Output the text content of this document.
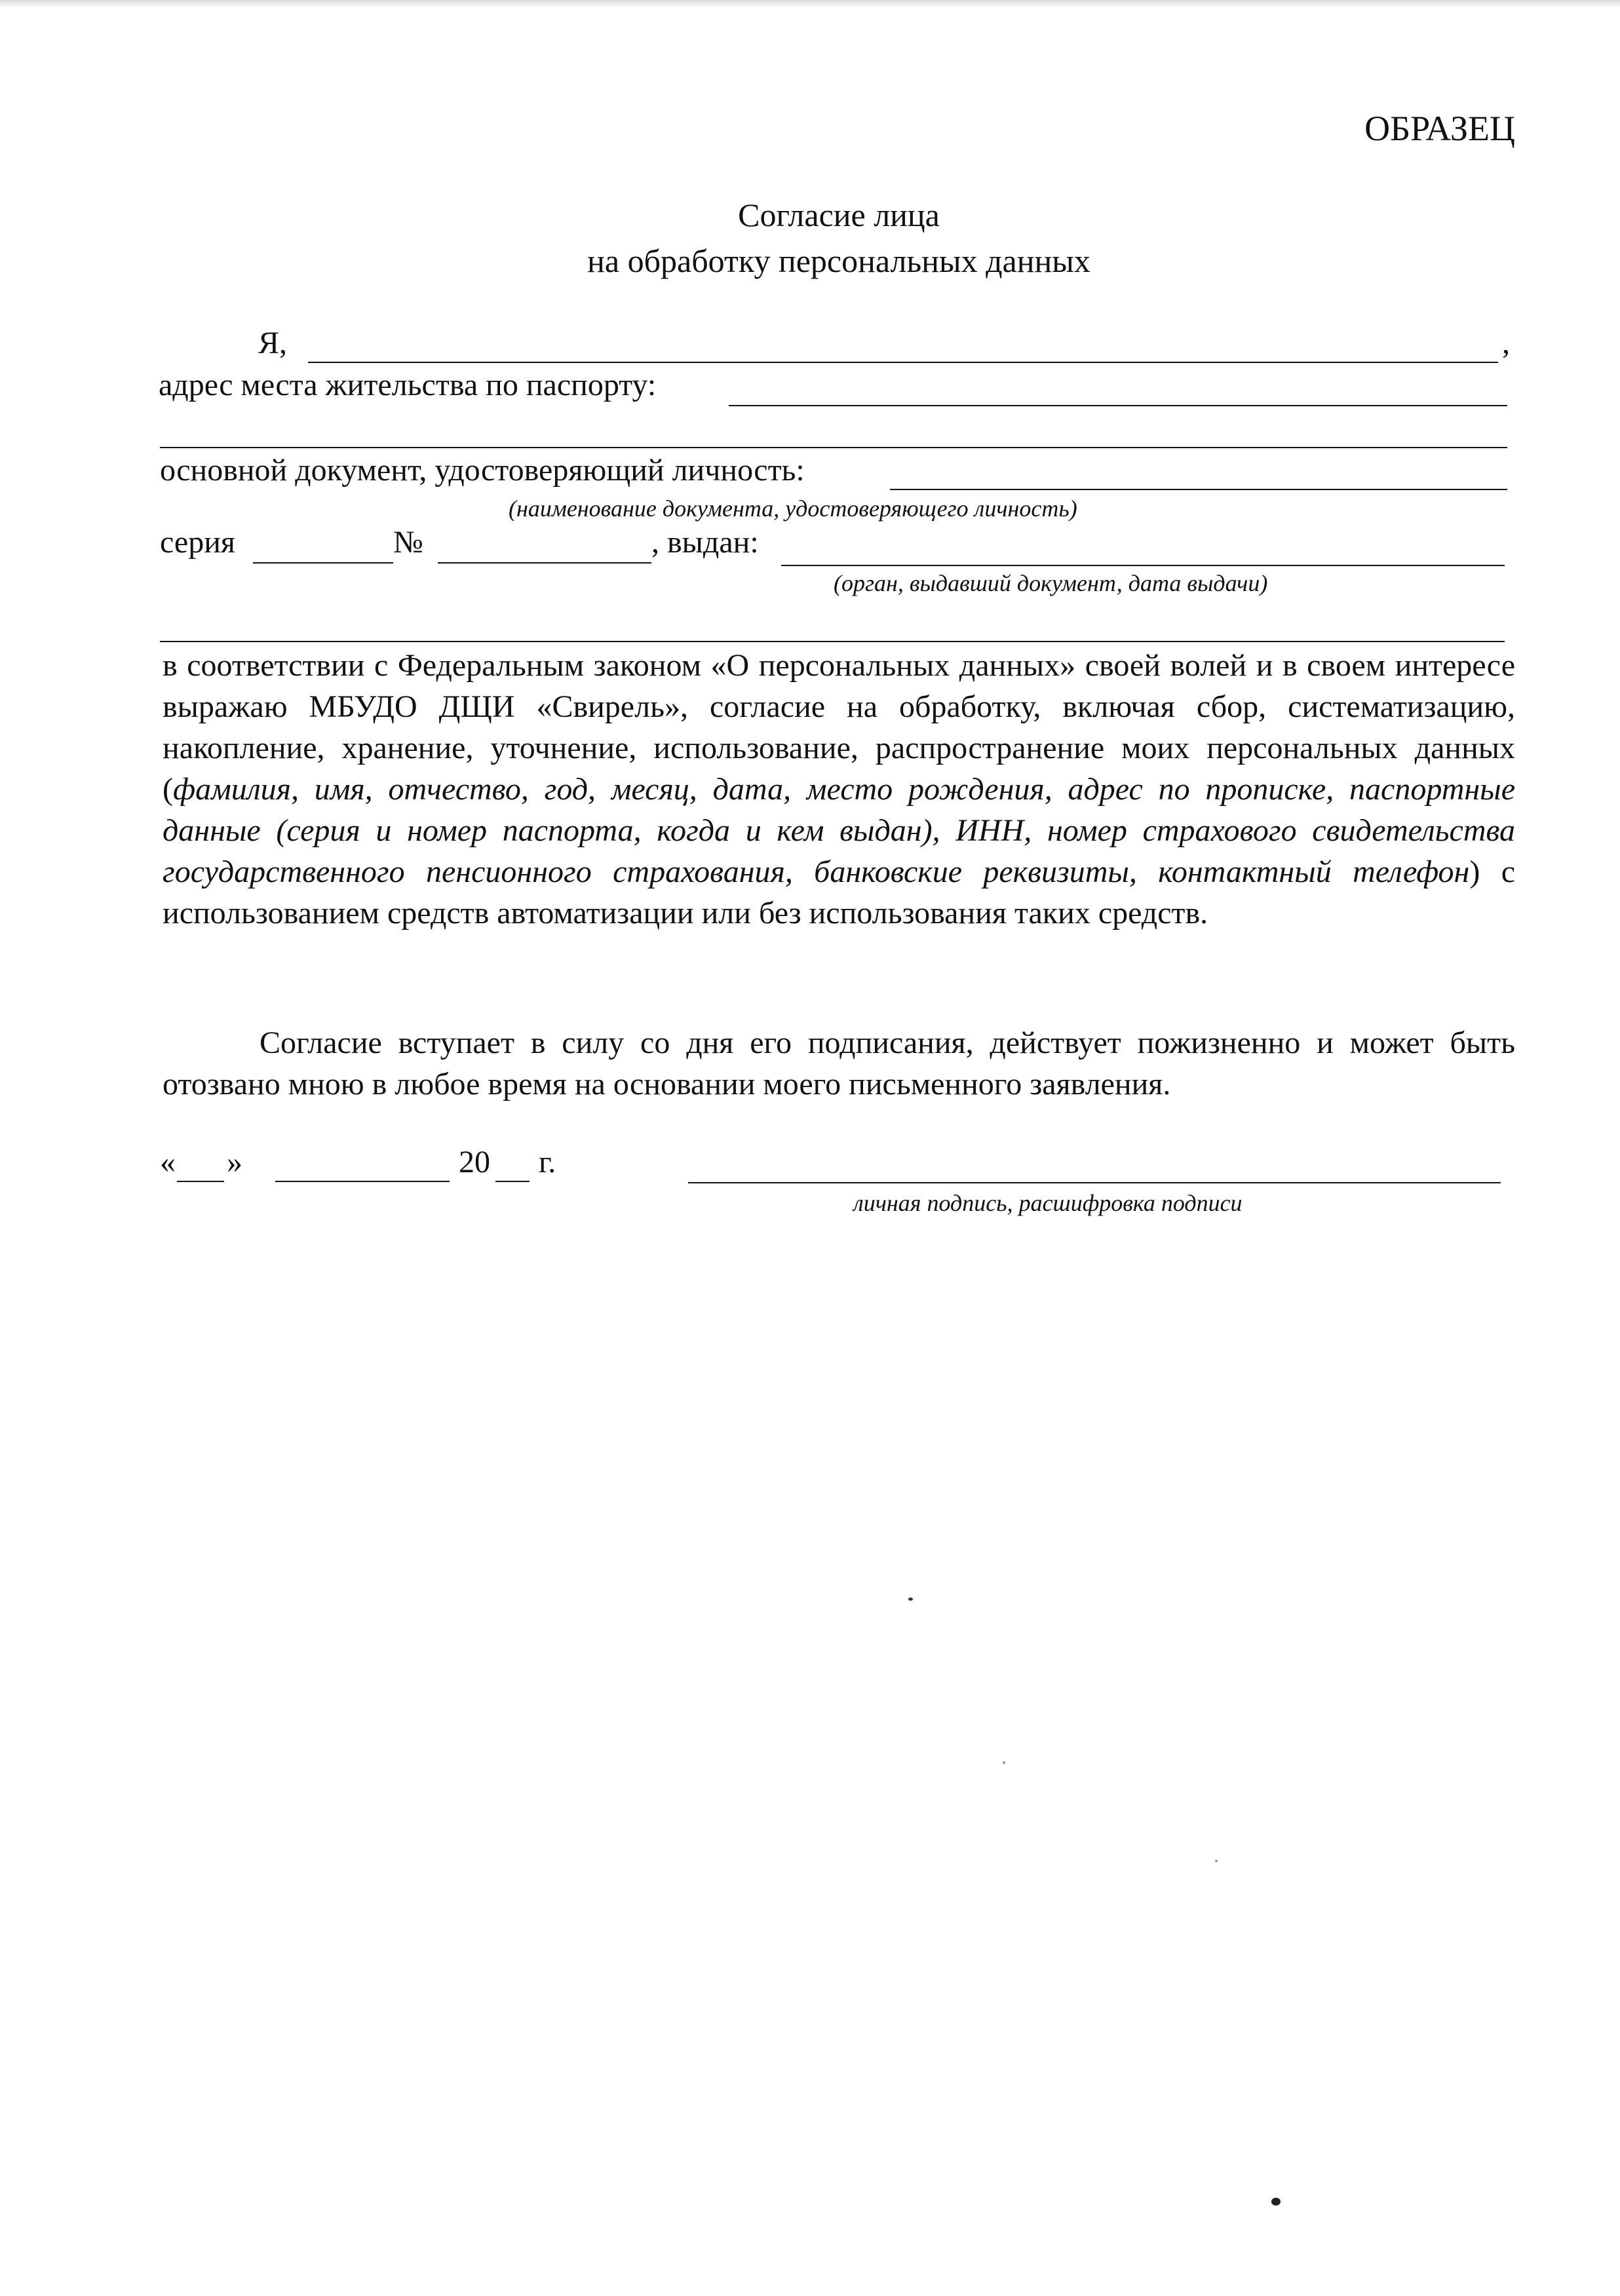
ОБРАЗЕЦ
Согласие лица
на обработку персональных данных
Я,	,
адрес места жительства по паспорту:
основной документ, удостоверяющий личность:
(наименование документа, удостоверяющего личность)
серия	№	, выдан:
(орган, выдавший документ, дата выдачи)
в соответствии с Федеральным законом «О персональных данных» своей волей и в своем интересе выражаю МБУДО ДЩИ «Свирель», согласие на обработку, включая сбор, систематизацию, накопление, хранение, уточнение, использование, распространение моих персональных данных (фамилия, имя, отчество, год, месяц, дата, место рождения, адрес по прописке, паспортные данные (серия и номер паспорта, когда и кем выдан), ИНН, номер страхового свидетельства государственного пенсионного страхования, банковские реквизиты, контактный телефон) с использованием средств автоматизации или без использования таких средств.
Согласие вступает в силу со дня его подписания, действует пожизненно и может быть отозвано мною в любое время на основании моего письменного заявления.
« »	20 г.
личная подпись, расшифровка подписи
